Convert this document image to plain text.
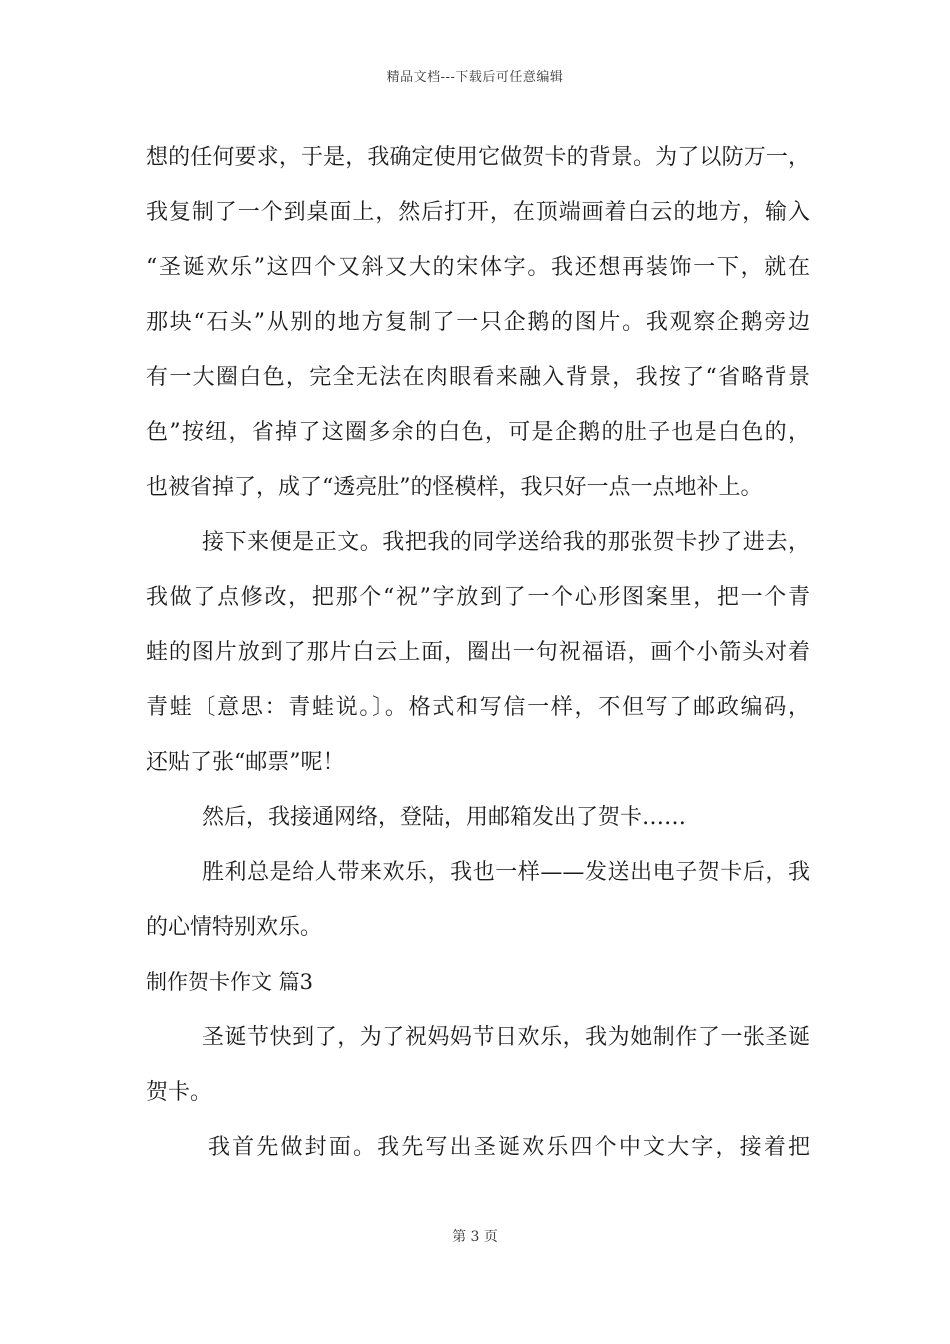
精品文档---下载后可任意编辑
想的任何要求，于是，我确定使用它做贺卡的背景。为了以防万一，
我复制了一个到桌面上，然后打开，在顶端画着白云的地方，输入
“圣诞欢乐”这四个又斜又大的宋体字。我还想再装饰一下，就在
那块“石头”从别的地方复制了一只企鹅的图片。我观察企鹅旁边
有一大圈白色，完全无法在肉眼看来融入背景，我按了“省略背景
色”按纽，省掉了这圈多余的白色，可是企鹅的肚子也是白色的，
也被省掉了，成了“透亮肚”的怪模样，我只好一点一点地补上。
接下来便是正文。我把我的同学送给我的那张贺卡抄了进去，
我做了点修改，把那个“祝”字放到了一个心形图案里，把一个青
蛙的图片放到了那片白云上面，圈出一句祝福语，画个小箭头对着
青蛙〔意思：青蛙说。〕。格式和写信一样，不但写了邮政编码，
还贴了张“邮票”呢！
然后，我接通网络，登陆，用邮箱发出了贺卡……
胜利总是给人带来欢乐，我也一样——发送出电子贺卡后，我
的心情特别欢乐。
制作贺卡作文 篇3
圣诞节快到了，为了祝妈妈节日欢乐，我为她制作了一张圣诞
贺卡。
我首先做封面。我先写出圣诞欢乐四个中文大字，接着把
第 3 页
